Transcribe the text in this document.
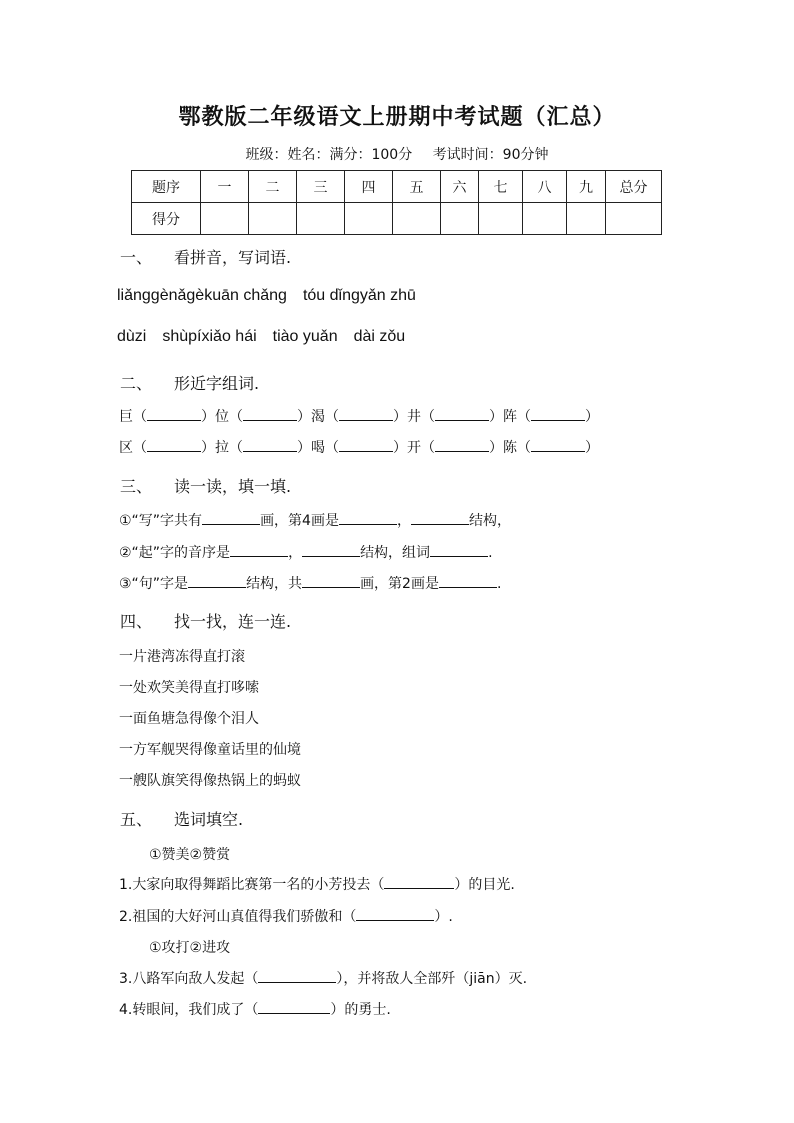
鄂教版二年级语文上册期中考试题（汇总）
班级：姓名：满分：100分 考试时间：90分钟
题序	一	二	三	四	五	六	七	八	九	总分
得分										
一、 看拼音，写词语.
liǎnggènǎgèkuān chǎng tóu dǐngyǎn zhū
dùzi shùpíxiǎo hái tiào yuǎn dài zǒu
二、 形近字组词.
巨（	）位（	）渴（	）井（	）阵（	）
区（	）拉（	）喝（	）开（	）陈（	）
三、 读一读，填一填.
①“写”字共有	画，第4画是	，	结构，
②“起”字的音序是	，	结构，组词	.
③“句”字是	结构，共	画，第2画是	.
四、 找一找，连一连.
一片港湾冻得直打滚
一处欢笑美得直打哆嗦
一面鱼塘急得像个泪人
一方军舰哭得像童话里的仙境
一艘队旗笑得像热锅上的蚂蚁
五、 选词填空.
①赞美②赞赏
1.大家向取得舞蹈比赛第一名的小芳投去（	）的目光.
2.祖国的大好河山真值得我们骄傲和（	）.
①攻打②进攻
3.八路军向敌人发起（	），并将敌人全部歼（jiān）灭.
4.转眼间，我们成了（	）的勇士.
